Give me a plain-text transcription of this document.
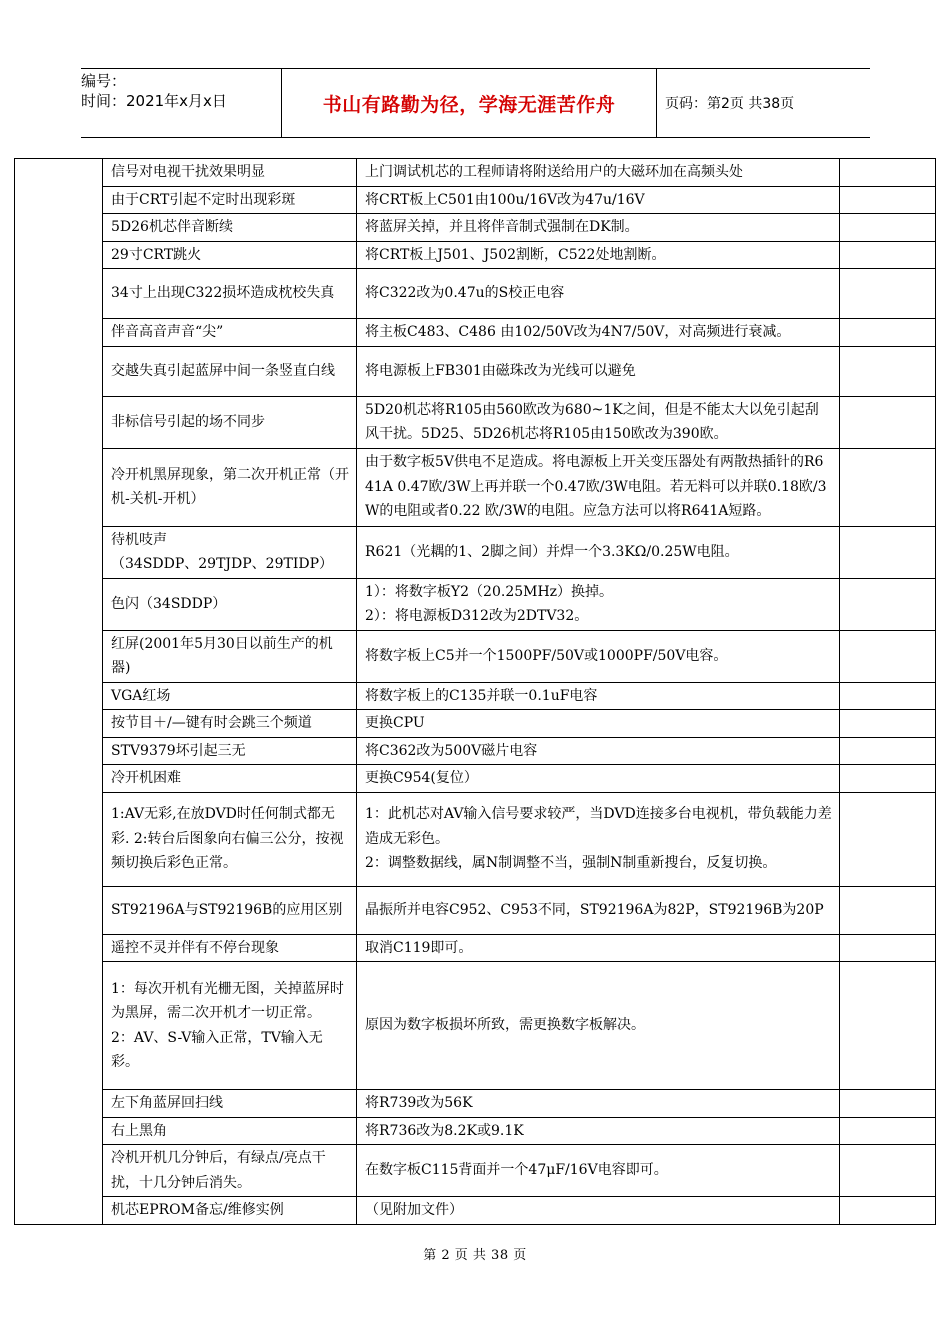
编号：
时间：2021年x月x日	书山有路勤为径，学海无涯苦作舟	页码：第2页 共38页
	信号对电视干扰效果明显	上门调试机芯的工程师请将附送给用户的大磁环加在高频头处	
	由于CRT引起不定时出现彩斑	将CRT板上C501由100u/16V改为47u/16V	
	5D26机芯伴音断续	将蓝屏关掉，并且将伴音制式强制在DK制。	
	29寸CRT跳火	将CRT板上J501、J502割断，C522处地割断。	
	34寸上出现C322损坏造成枕校失真	将C322改为0.47u的S校正电容	
	伴音高音声音“尖”	将主板C483、C486 由102/50V改为4N7/50V，对高频进行衰减。	
	交越失真引起蓝屏中间一条竖直白线	将电源板上FB301由磁珠改为光线可以避免	
	非标信号引起的场不同步	5D20机芯将R105由560欧改为680~1K之间，但是不能太大以免引起刮风干扰。5D25、5D26机芯将R105由150欧改为390欧。	
	冷开机黑屏现象，第二次开机正常（开机-关机-开机）	由于数字板5V供电不足造成。将电源板上开关变压器处有两散热插针的R641A 0.47欧/3W上再并联一个0.47欧/3W电阻。若无料可以并联0.18欧/3W的电阻或者0.22 欧/3W的电阻。应急方法可以将R641A短路。	
	待机吱声
（34SDDP、29TJDP、29TIDP）	R621（光耦的1、2脚之间）并焊一个3.3KΩ/0.25W电阻。	
	色闪（34SDDP）	1）：将数字板Y2（20.25MHz）换掉。
2）：将电源板D312改为2DTV32。	
	红屏(2001年5月30日以前生产的机器)	将数字板上C5并一个1500PF/50V或1000PF/50V电容。	
	VGA红场	将数字板上的C135并联一0.1uF电容	
	按节目＋/—键有时会跳三个频道	更换CPU	
	STV9379坏引起三无	将C362改为500V磁片电容	
	冷开机困难	更换C954(复位）	
	1:AV无彩,在放DVD时任何制式都无彩. 2:转台后图象向右偏三公分，按视频切换后彩色正常。	1：此机芯对AV输入信号要求较严，当DVD连接多台电视机，带负载能力差造成无彩色。
2：调整数据线，属N制调整不当，强制N制重新搜台，反复切换。	
	ST92196A与ST92196B的应用区别	晶振所并电容C952、C953不同，ST92196A为82P，ST92196B为20P	
	遥控不灵并伴有不停台现象	取消C119即可。	
	1：每次开机有光栅无图，关掉蓝屏时为黑屏，需二次开机才一切正常。
2：AV、S-V输入正常，TV输入无彩。	原因为数字板损坏所致，需更换数字板解决。	
	左下角蓝屏回扫线	将R739改为56K	
	右上黑角	将R736改为8.2K或9.1K	
	冷机开机几分钟后，有绿点/亮点干扰，十几分钟后消失。	在数字板C115背面并一个47μF/16V电容即可。	
	机芯EPROM备忘/维修实例	（见附加文件）	
第 2 页 共 38 页
